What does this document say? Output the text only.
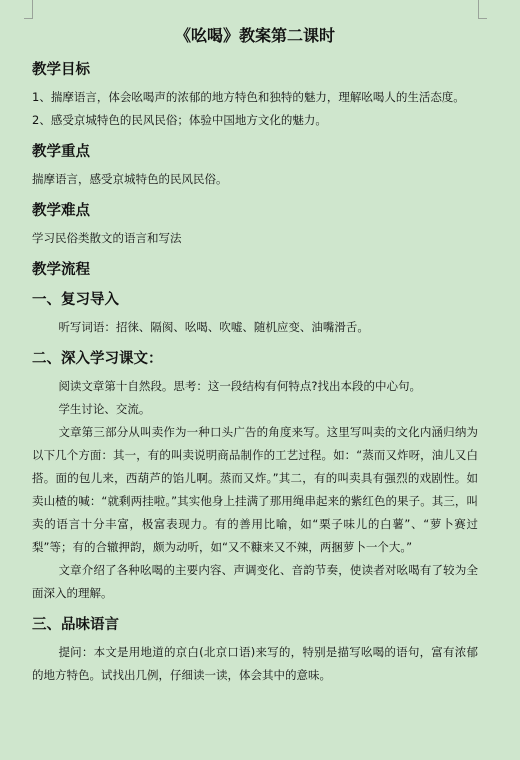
《吆喝》教案第二课时
教学目标

1、揣摩语言，体会吆喝声的浓郁的地方特色和独特的魅力，理解吆喝人的生活态度。

2、感受京城特色的民风民俗；体验中国地方文化的魅力。

教学重点

揣摩语言，感受京城特色的民风民俗。

教学难点

学习民俗类散文的语言和写法

教学流程
一、复习导入

听写词语：招徕、隔阂、吆喝、吹嘘、随机应变、油嘴滑舌。

二、深入学习课文：

阅读文章第十自然段。思考：这一段结构有何特点?找出本段的中心句。

学生讨论、交流。

文章第三部分从叫卖作为一种口头广告的角度来写。这里写叫卖的文化内涵归纳为以下几个方面：其一，有的叫卖说明商品制作的工艺过程。如：“蒸而又炸呀，油儿又白搭。面的包儿来，西葫芦的馅儿啊。蒸而又炸。”其二，有的叫卖具有强烈的戏剧性。如卖山楂的喊：“就剩两挂啦。”其实他身上挂满了那用绳串起来的紫红色的果子。其三，叫卖的语言十分丰富，极富表现力。有的善用比喻，如“栗子味儿的白薯”、“萝卜赛过梨”等；有的合辙押韵，颇为动听，如“又不糠来又不辣，两捆萝卜一个大。”

文章介绍了各种吆喝的主要内容、声调变化、音韵节奏，使读者对吆喝有了较为全面深入的理解。

三、品味语言

提问：本文是用地道的京白(北京口语)来写的，特别是描写吆喝的语句，富有浓郁的地方特色。试找出几例，仔细读一读，体会其中的意味。
